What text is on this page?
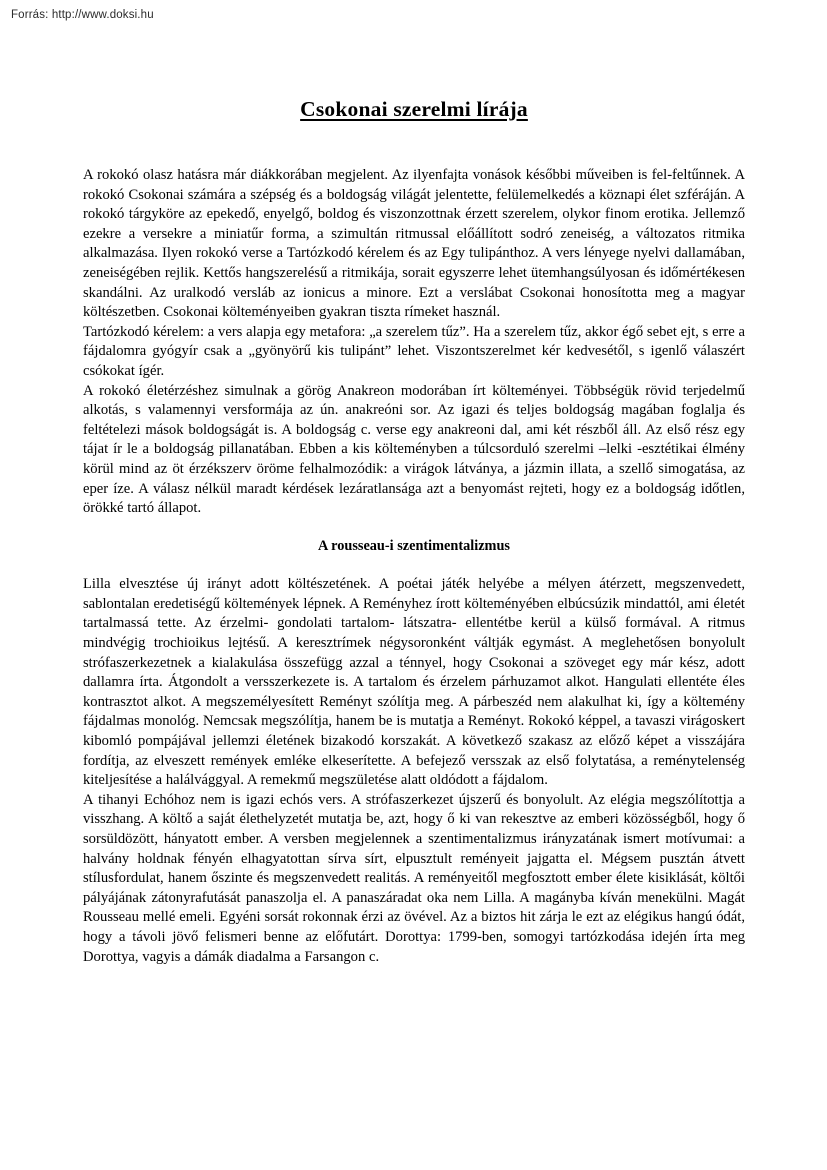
Forrás: http://www.doksi.hu
Csokonai szerelmi lírája

A rokokó olasz hatásra már diákkorában megjelent. Az ilyenfajta vonások későbbi műveiben is fel-feltűnnek. A rokokó Csokonai számára a szépség és a boldogság világát jelentette, felülemelkedés a köznapi élet szféráján. A rokokó tárgyköre az epekedő, enyelgő, boldog és viszonzottnak érzett szerelem, olykor finom erotika. Jellemző ezekre a versekre a miniatűr forma, a szimultán ritmussal előállított sodró zeneiség, a változatos ritmika alkalmazása. Ilyen rokokó verse a Tartózkodó kérelem és az Egy tulipánthoz. A vers lényege nyelvi dallamában, zeneiségében rejlik. Kettős hangszerelésű a ritmikája, sorait egyszerre lehet ütemhangsúlyosan és időmértékesen skandálni. Az uralkodó versláb az ionicus a minore. Ezt a verslábat Csokonai honosította meg a magyar költészetben. Csokonai költeményeiben gyakran tiszta rímeket használ.

Tartózkodó kérelem: a vers alapja egy metafora: „a szerelem tűz”. Ha a szerelem tűz, akkor égő sebet ejt, s erre a fájdalomra gyógyír csak a „gyönyörű kis tulipánt” lehet. Viszontszerelmet kér kedvesétől, s igenlő válaszért csókokat ígér.

A rokokó életérzéshez simulnak a görög Anakreon modorában írt költeményei. Többségük rövid terjedelmű alkotás, s valamennyi versformája az ún. anakreóni sor. Az igazi és teljes boldogság magában foglalja és feltételezi mások boldogságát is. A boldogság c. verse egy anakreoni dal, ami két részből áll. Az első rész egy tájat ír le a boldogság pillanatában. Ebben a kis költeményben a túlcsorduló szerelmi –lelki -esztétikai élmény körül mind az öt érzékszerv öröme felhalmozódik: a virágok látványa, a jázmin illata, a szellő simogatása, az eper íze. A válasz nélkül maradt kérdések lezáratlansága azt a benyomást rejteti, hogy ez a boldogság időtlen, örökké tartó állapot.

A rousseau-i szentimentalizmus

Lilla elvesztése új irányt adott költészetének. A poétai játék helyébe a mélyen átérzett, megszenvedett, sablontalan eredetiségű költemények lépnek. A Reményhez írott költeményében elbúcsúzik mindattól, ami életét tartalmassá tette. Az érzelmi- gondolati tartalom- látszatra- ellentétbe kerül a külső formával. A ritmus mindvégig trochioikus lejtésű. A keresztrímek négysoronként váltják egymást. A meglehetősen bonyolult strófaszerkezetnek a kialakulása összefügg azzal a ténnyel, hogy Csokonai a szöveget egy már kész, adott dallamra írta. Átgondolt a versszerkezete is. A tartalom és érzelem párhuzamot alkot. Hangulati ellentéte éles kontrasztot alkot. A megszemélyesített Reményt szólítja meg. A párbeszéd nem alakulhat ki, így a költemény fájdalmas monológ. Nemcsak megszólítja, hanem be is mutatja a Reményt. Rokokó képpel, a tavaszi virágoskert kibomló pompájával jellemzi életének bizakodó korszakát. A következő szakasz az előző képet a visszájára fordítja, az elveszett remények emléke elkeserítette. A befejező versszak az első folytatása, a reménytelenség kiteljesítése a halálvággyal. A remekmű megszületése alatt oldódott a fájdalom.

A tihanyi Echóhoz nem is igazi echós vers. A strófaszerkezet újszerű és bonyolult. Az elégia megszólítottja a visszhang. A költő a saját élethelyzetét mutatja be, azt, hogy ő ki van rekesztve az emberi közösségből, hogy ő sorsüldözött, hányatott ember. A versben megjelennek a szentimentalizmus irányzatának ismert motívumai: a halvány holdnak fényén elhagyatottan sírva sírt, elpusztult reményeit jajgatta el. Mégsem pusztán átvett stílusfordulat, hanem őszinte és megszenvedett realitás. A reményeitől megfosztott ember élete kisiklását, költői pályájának zátonyrafutását panaszolja el. A panaszáradat oka nem Lilla. A magányba kíván menekülni. Magát Rousseau mellé emeli. Egyéni sorsát rokonnak érzi az övével. Az a biztos hit zárja le ezt az elégikus hangú ódát, hogy a távoli jövő felismeri benne az előfutárt. Dorottya: 1799-ben, somogyi tartózkodása idején írta meg Dorottya, vagyis a dámák diadalma a Farsangon c.
